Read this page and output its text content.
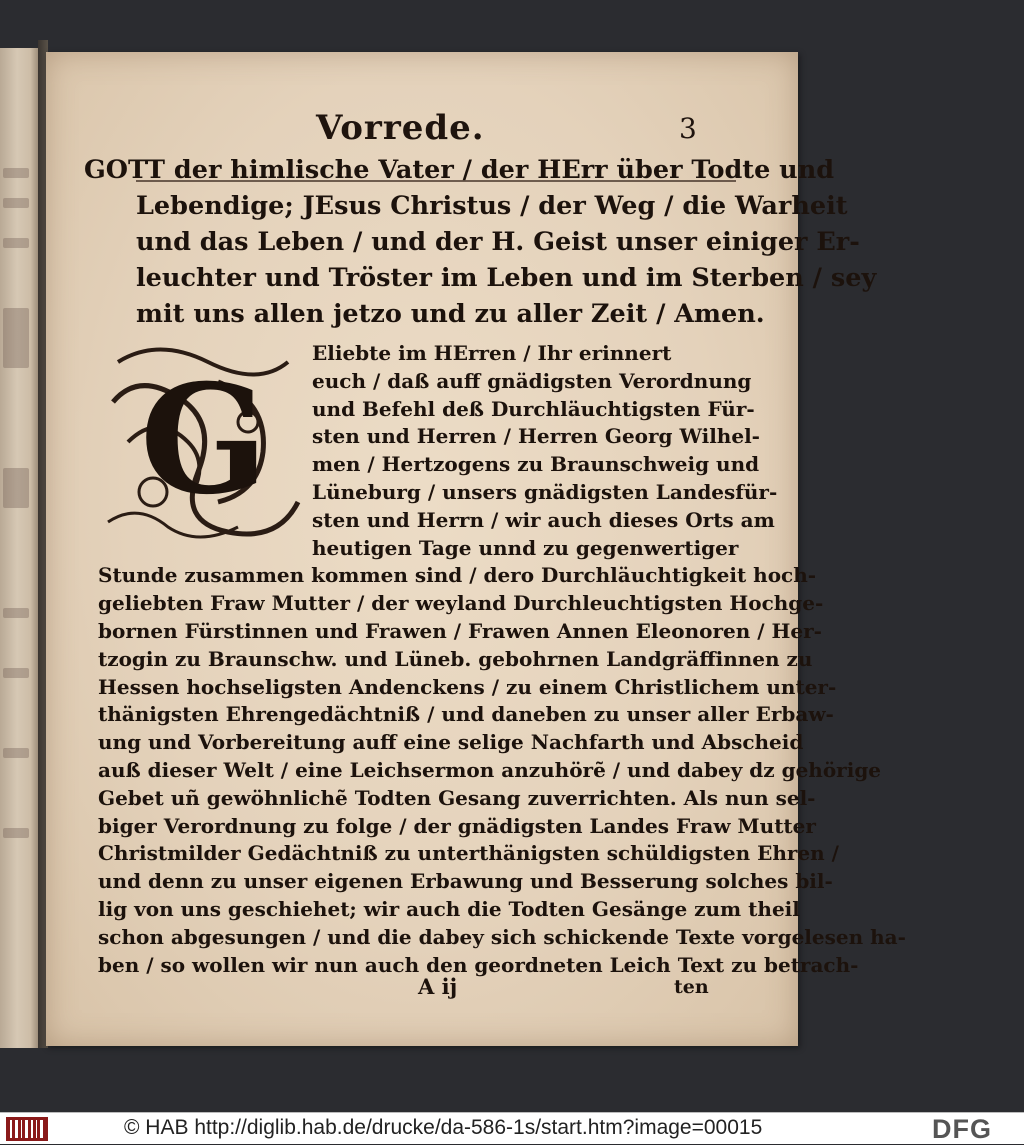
Vorrede.	3
GOTT der himlische Vater / der HErr über Todte und
Lebendige; JEsus Christus / der Weg / die Warheit
und das Leben / und der H. Geist unser einiger Er-
leuchter und Tröster im Leben und im Sterben / sey
mit uns allen jetzo und zu aller Zeit / Amen.
G	Eliebte im HErren / Ihr erinnert
euch / daß auff gnädigsten Verordnung
und Befehl deß Durchläuchtigsten Für-
sten und Herren / Herren Georg Wilhel-
men / Hertzogens zu Braunschweig und
Lüneburg / unsers gnädigsten Landesfür-
sten und Herrn / wir auch dieses Orts am
heutigen Tage unnd zu gegenwertiger
Stunde zusammen kommen sind / dero Durchläuchtigkeit hoch-
geliebten Fraw Mutter / der weyland Durchleuchtigsten Hochge-
bornen Fürstinnen und Frawen / Frawen Annen Eleonoren / Her-
tzogin zu Braunschw. und Lüneb. gebohrnen Landgräffinnen zu
Hessen hochseligsten Andenckens / zu einem Christlichem unter-
thänigsten Ehrengedächtniß / und daneben zu unser aller Erbaw-
ung und Vorbereitung auff eine selige Nachfarth und Abscheid
auß dieser Welt / eine Leichsermon anzuhörẽ / und dabey dz gehörige
Gebet uñ gewöhnlichẽ Todten Gesang zuverrichten. Als nun sel-
biger Verordnung zu folge / der gnädigsten Landes Fraw Mutter
Christmilder Gedächtniß zu unterthänigsten schüldigsten Ehren /
und denn zu unser eigenen Erbawung und Besserung solches bil-
lig von uns geschiehet; wir auch die Todten Gesänge zum theil
schon abgesungen / und die dabey sich schickende Texte vorgelesen ha-
ben / so wollen wir nun auch den geordneten Leich Text zu betrach-
A ij	ten
© HAB http://diglib.hab.de/drucke/da-586-1s/start.htm?image=00015	DFG
